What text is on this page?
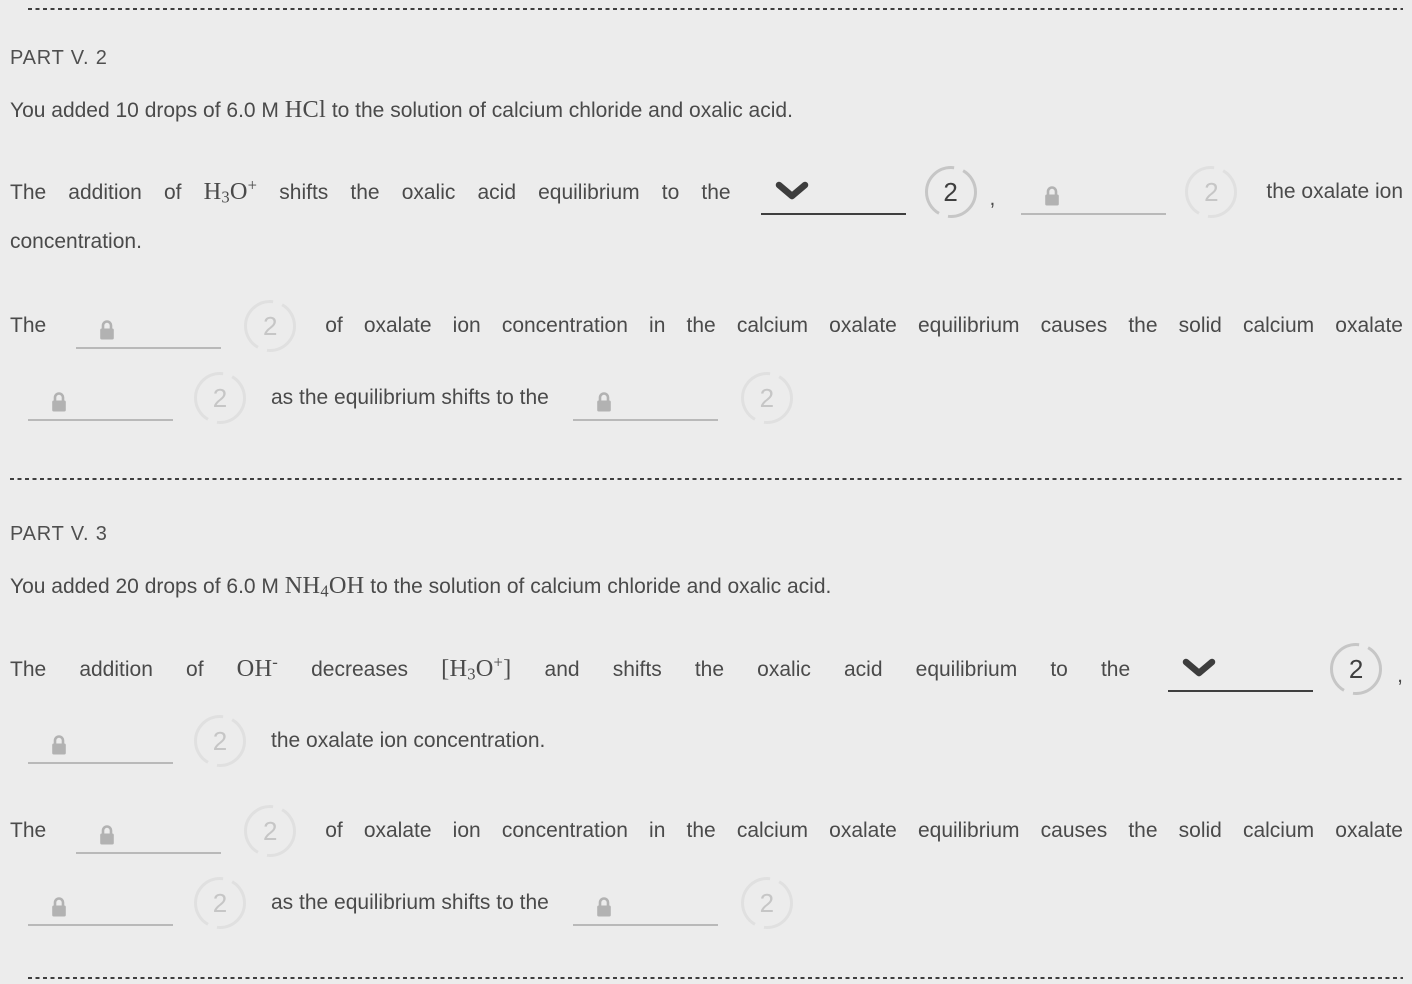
PART V. 2

You added 10 drops of 6.0 M HCl to the solution of calcium chloride and oxalic acid.

The addition of $H_3O^+$ shifts the oxalic acid equilibrium to the	2	,	2	the oxalate ion

concentration.

The	2	of oxalate ion concentration in the calcium oxalate equilibrium causes the solid calcium oxalate
2	as the equilibrium shifts to the	2
PART V. 3

You added 20 drops of 6.0 M $NH_4OH$ to the solution of calcium chloride and oxalic acid.

The addition of OH- decreases $[H_3O^+]$ and shifts the oxalic acid equilibrium to the	2	,
2	the oxalate ion concentration.
The	2	of oxalate ion concentration in the calcium oxalate equilibrium causes the solid calcium oxalate
2	as the equilibrium shifts to the	2
